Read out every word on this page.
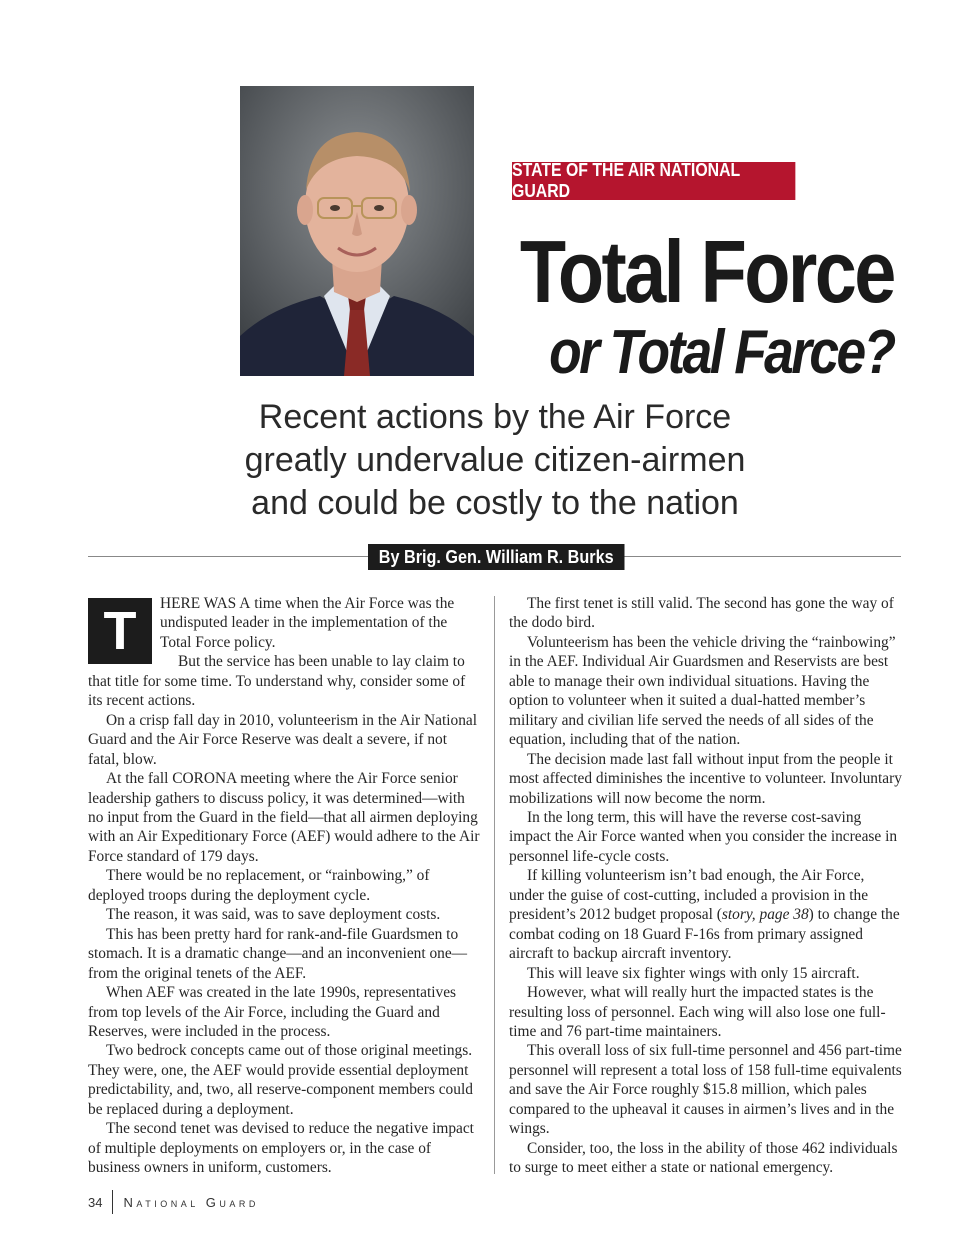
STATE OF THE AIR NATIONAL GUARD
Total Force
or Total Farce?
Recent actions by the Air Force
greatly undervalue citizen-airmen
and could be costly to the nation
By Brig. Gen. William R. Burks

T	HERE WAS A time when the Air Force was the undisputed leader in the implementation of the Total Force policy.

But the service has been unable to lay claim to that title for some time. To understand why, consider some of its recent actions.

On a crisp fall day in 2010, volunteerism in the Air National Guard and the Air Force Reserve was dealt a severe, if not fatal, blow.

At the fall CORONA meeting where the Air Force senior leadership gathers to discuss policy, it was determined—with no input from the Guard in the field—that all airmen deploying with an Air Expeditionary Force (AEF) would adhere to the Air Force standard of 179 days.

There would be no replacement, or “rainbowing,” of deployed troops during the deployment cycle.

The reason, it was said, was to save deployment costs.

This has been pretty hard for rank-and-file Guardsmen to stomach. It is a dramatic change—and an inconvenient one—from the original tenets of the AEF.

When AEF was created in the late 1990s, representatives from top levels of the Air Force, including the Guard and Reserves, were included in the process.

Two bedrock concepts came out of those original meetings. They were, one, the AEF would provide essential deployment predictability, and, two, all reserve-component members could be replaced during a deployment.

The second tenet was devised to reduce the negative impact of multiple deployments on employers or, in the case of business owners in uniform, customers.

The first tenet is still valid. The second has gone the way of the dodo bird.

Volunteerism has been the vehicle driving the “rainbowing” in the AEF. Individual Air Guardsmen and Reservists are best able to manage their own individual situations. Having the option to volunteer when it suited a dual-hatted member’s military and civilian life served the needs of all sides of the equation, including that of the nation.

The decision made last fall without input from the people it most affected diminishes the incentive to volunteer. Involuntary mobilizations will now become the norm.

In the long term, this will have the reverse cost-saving impact the Air Force wanted when you consider the increase in personnel life-cycle costs.

If killing volunteerism isn’t bad enough, the Air Force, under the guise of cost-cutting, included a provision in the president’s 2012 budget proposal (story, page 38) to change the combat coding on 18 Guard F-16s from primary assigned aircraft to backup aircraft inventory.

This will leave six fighter wings with only 15 aircraft.

However, what will really hurt the impacted states is the resulting loss of personnel. Each wing will also lose one full-time and 76 part-time maintainers.

This overall loss of six full-time personnel and 456 part-time personnel will represent a total loss of 158 full-time equivalents and save the Air Force roughly $15.8 million, which pales compared to the upheaval it causes in airmen’s lives and in the wings.

Consider, too, the loss in the ability of those 462 individuals to surge to meet either a state or national emergency.

34	National Guard
